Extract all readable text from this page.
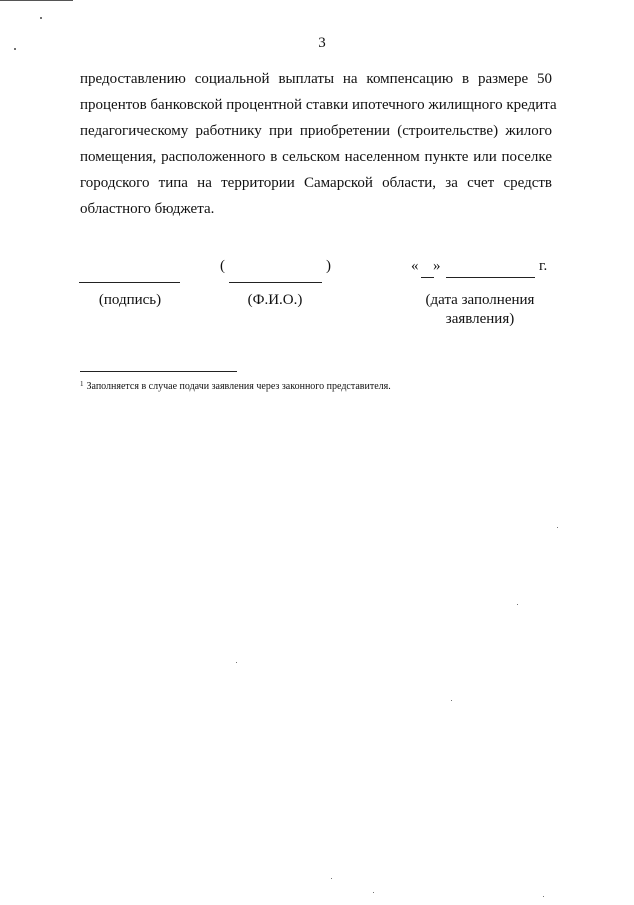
3
предоставлению социальной выплаты на компенсацию в размере 50
процентов банковской процентной ставки ипотечного жилищного кредита
педагогическому работнику при приобретении (строительстве) жилого
помещения, расположенного в сельском населенном пункте или поселке
городского типа на территории Самарской области, за счет средств
областного бюджета.
(	)	« »	г.
(подпись)	(Ф.И.О.)	(дата заполнения
заявления)
$^1$ Заполняется в случае подачи заявления через законного представителя.
